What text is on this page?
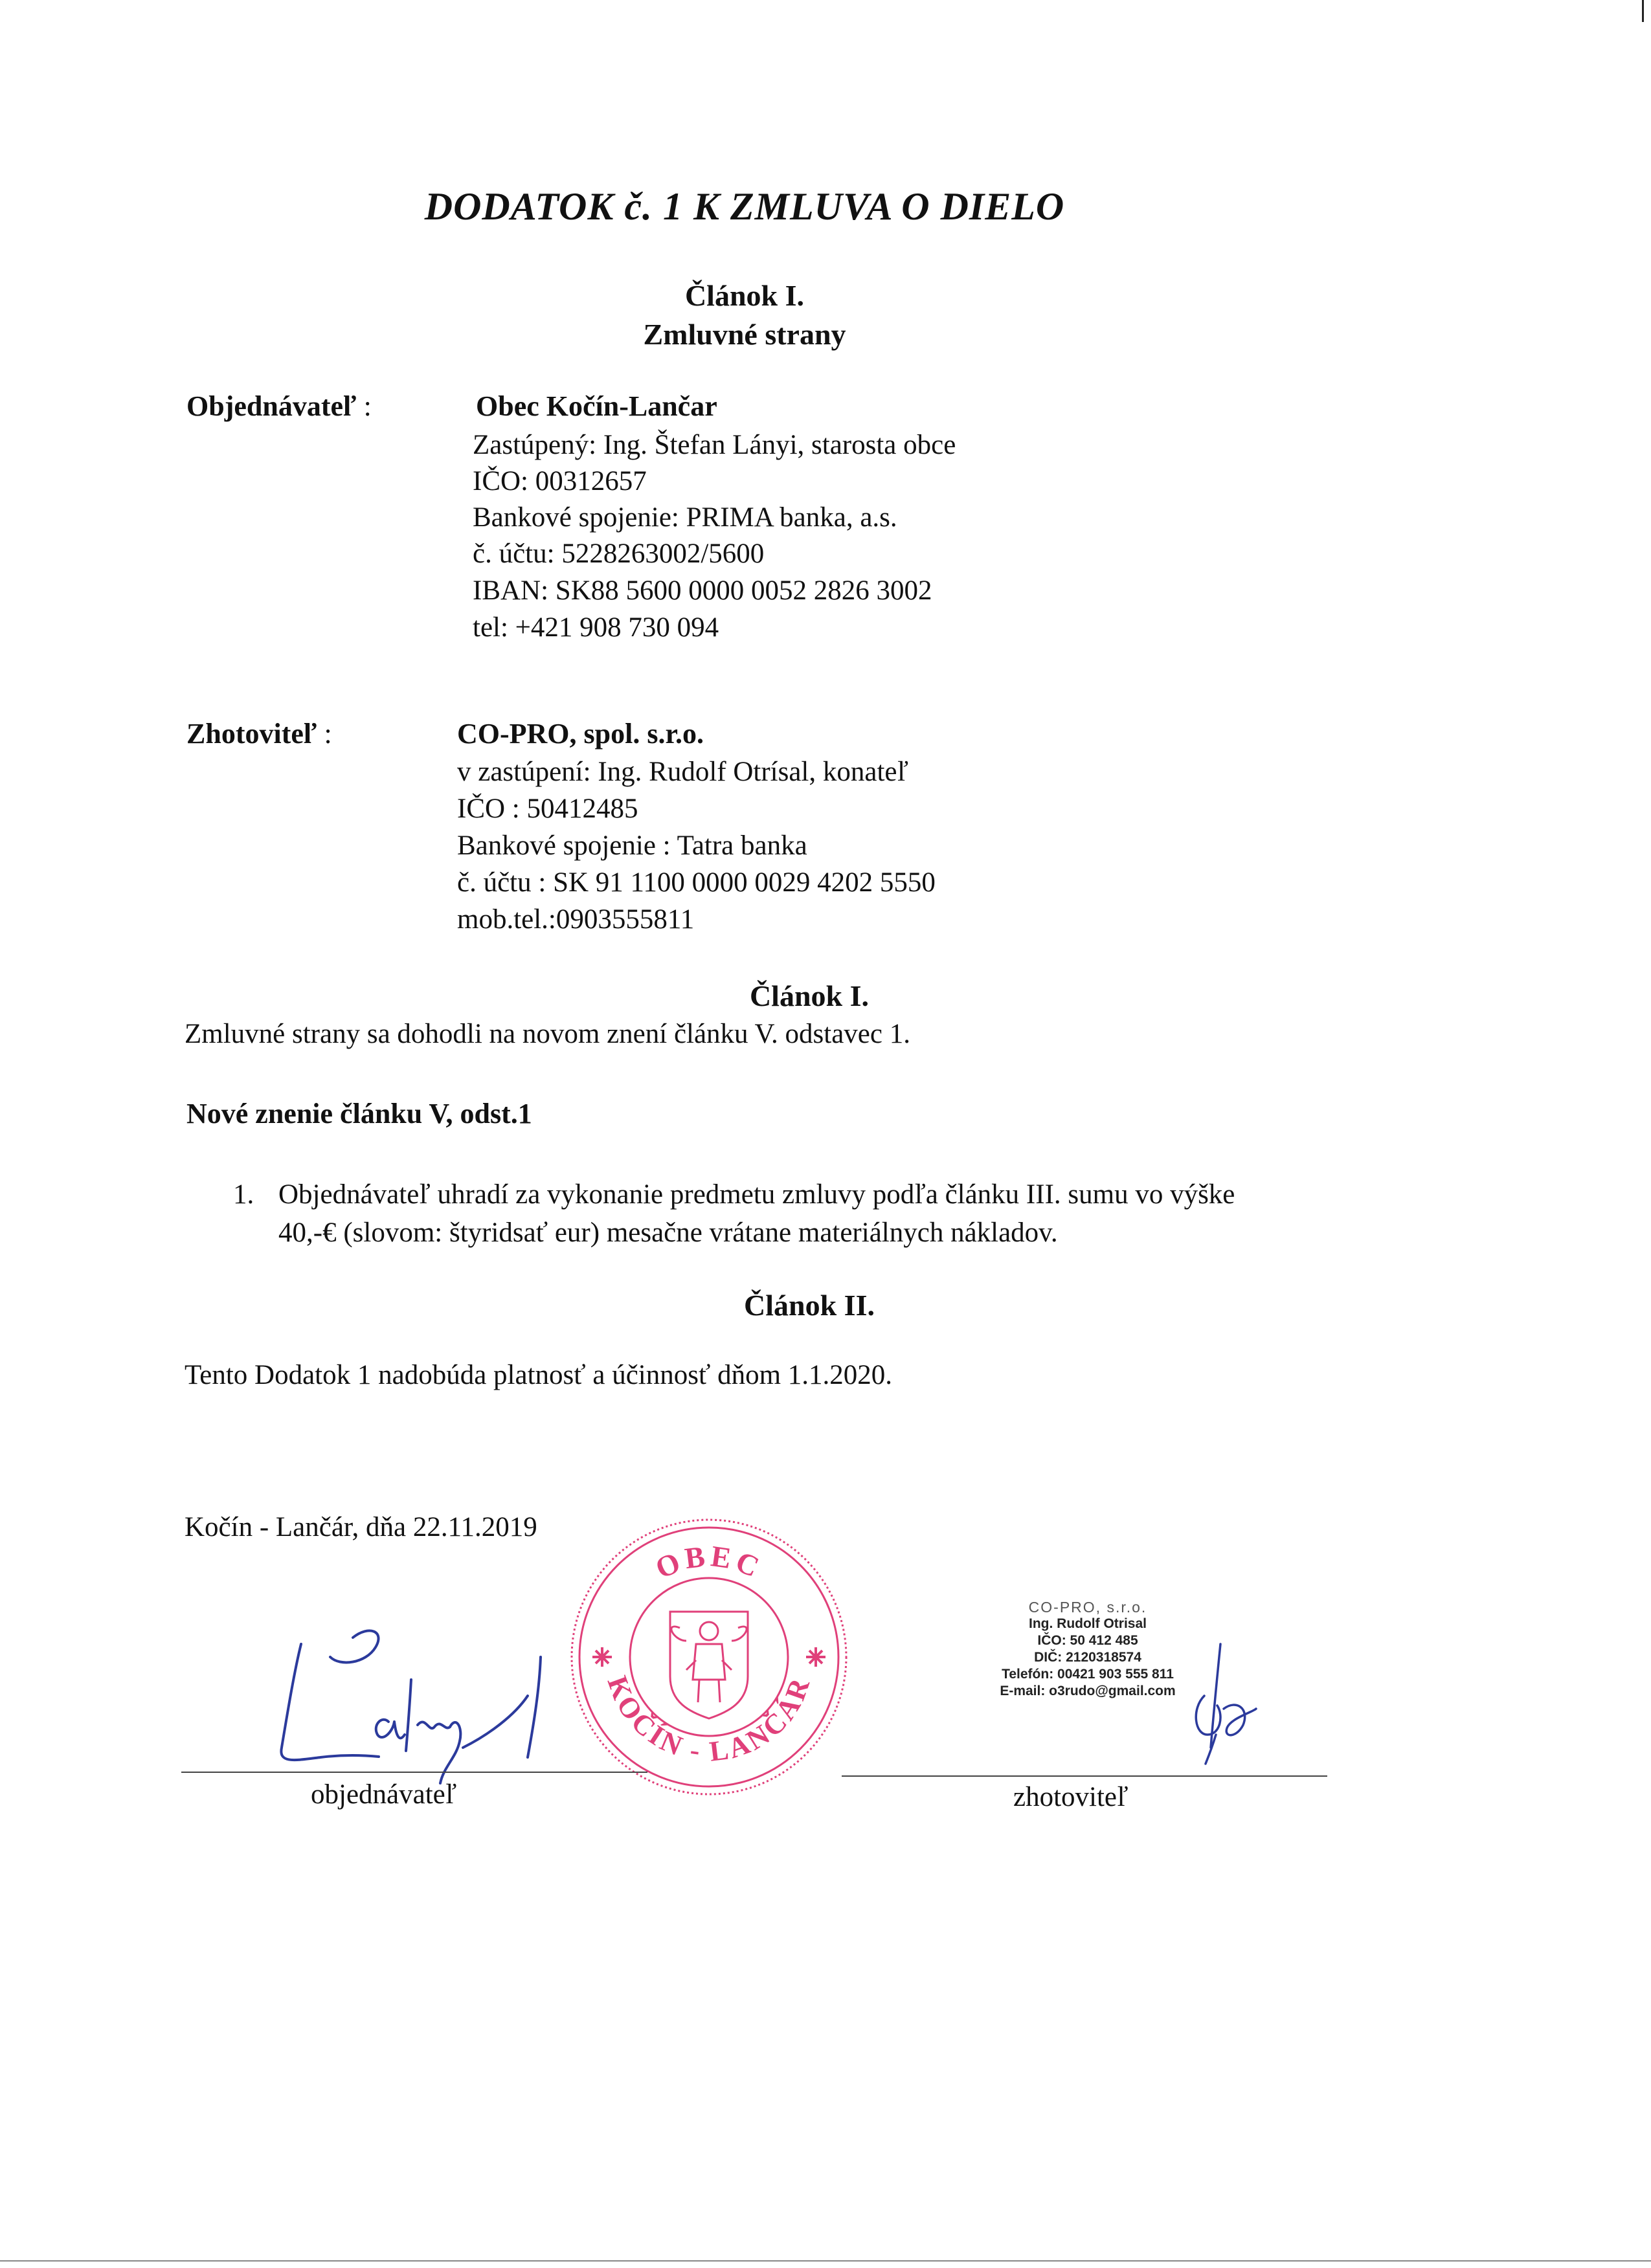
DODATOK č. 1 K ZMLUVA O DIELO
Článok I.
Zmluvné strany
Objednávateľ :	Obec Kočín-Lančar
Zastúpený: Ing. Štefan Lányi, starosta obce
IČO: 00312657
Bankové spojenie: PRIMA banka, a.s.
č. účtu: 5228263002/5600
IBAN: SK88 5600 0000 0052 2826 3002
tel: +421 908 730 094
Zhotoviteľ :	CO-PRO, spol. s.r.o.
v zastúpení: Ing. Rudolf Otrísal, konateľ
IČO : 50412485
Bankové spojenie : Tatra banka
č. účtu : SK 91 1100 0000 0029 4202 5550
mob.tel.:0903555811
Článok I.
Zmluvné strany sa dohodli na novom znení článku V. odstavec 1.
Nové znenie článku V, odst.1
1. Objednávateľ uhradí za vykonanie predmetu zmluvy podľa článku III. sumu vo výške
40,-€ (slovom: štyridsať eur) mesačne vrátane materiálnych nákladov.
Článok II.
Tento Dodatok 1 nadobúda platnosť a účinnosť dňom 1.1.2020.
Kočín - Lančár, dňa 22.11.2019
OBEC
KOČÍN - LANČÁR
CO-PRO, s.r.o.
Ing. Rudolf Otrisal
IČO: 50 412 485
DIČ: 2120318574
Telefón: 00421 903 555 811
E-mail: o3rudo@gmail.com
objednávateľ	zhotoviteľ
